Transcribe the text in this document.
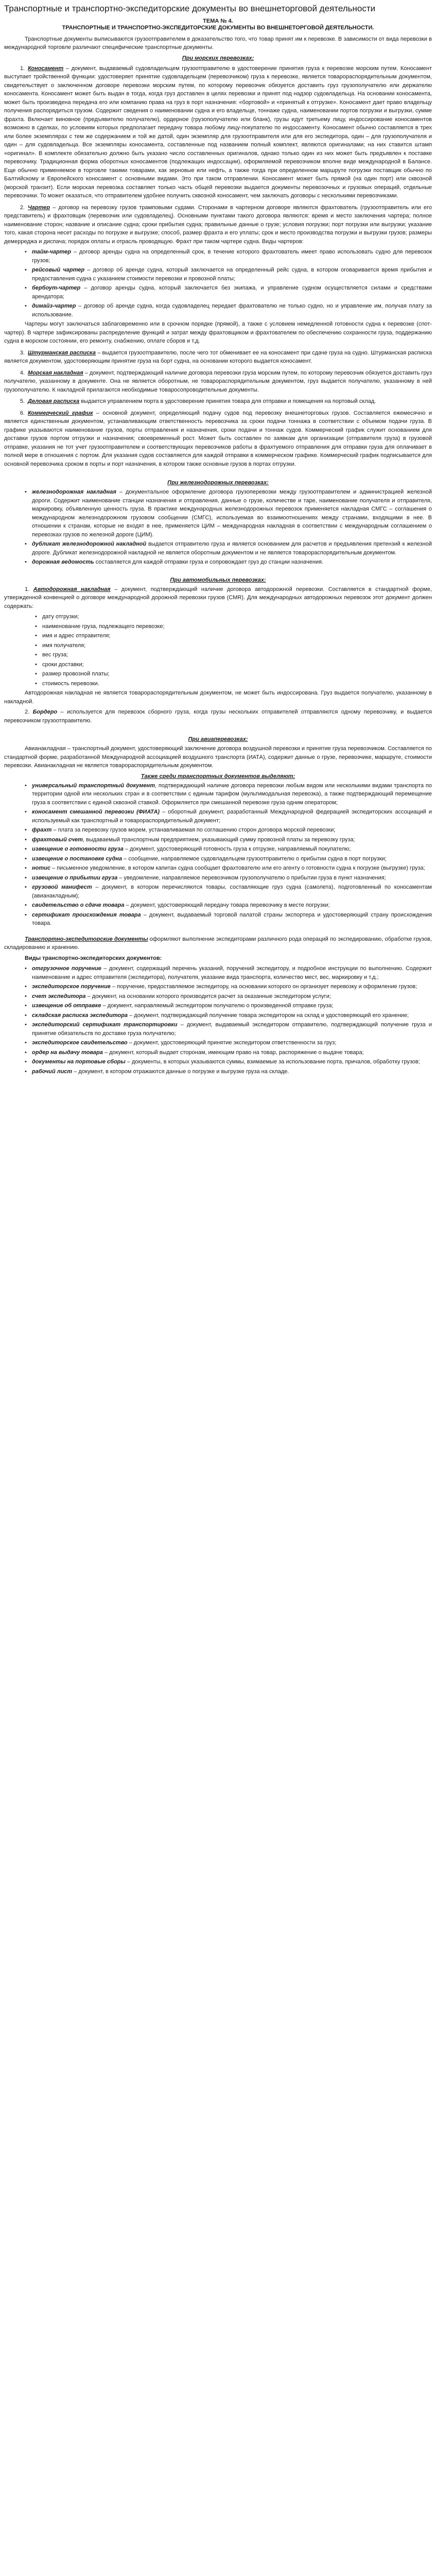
Транспортные и транспортно-экспедиторские документы во внешнеторговой деятельности
ТЕМА № 4.
ТРАНСПОРТНЫЕ И ТРАНСПОРТНО-ЭКСПЕДИТОРСКИЕ ДОКУМЕНТЫ ВО ВНЕШНЕТОРГОВОЙ ДЕЯТЕЛЬНОСТИ.

Транспортные документы выписываются грузоотправителем в доказательство того, что товар принят им к перевозке. В зависимости от вида перевозки в международной торговле различают специфические транспортные документы.

При морских перевозках:

1. Коносамент – документ, выдаваемый судовладельцем грузоотправителю в удостоверение принятия груза к перевозке морским путем. Коносамент выступает тройственной функции: удостоверяет принятие судовладельцем (перевозчиком) груза к перевозке, является товарораспорядительным документом, свидетельствует о заключенном договоре перевозки морским путем, по которому перевозчик обязуется доставить груз грузополучателю или держателю коносамента. Коносамент может быть выдан в тогда, когда груз доставлен в целях перевозки и принят под надзор судовладельца. На основании коносамента, может быть произведена передача его или компанию права на груз в порт назначения: «бортовой» и «принятый к отгрузке». Коносамент дает право владельцу получения распорядиться грузом. Содержит сведения о наименовании судна и его владельце, тоннаже судна, наименовании портов погрузки и выгрузки, сумме фрахта. Включает виновное (предъявителю получателю), ордерное (грузополучателю или бланк), грузы идут третьему лицу, индоссирование коносаментов возможно в сделках, по условиям которых предполагает передачу товара любому лицу-покупателю по индоссаменту. Коносамент обычно составляется в трех или более экземплярах с тем же содержанием и той же датой, один экземпляр для грузоотправителя или для его экспедитора, один – для грузополучателя и один – для судовладельца. Все экземпляры коносамента, составленные под названием полный комплект, являются оригиналами; на них ставится штамп «оригинал». В комплекте обязательно должно быть указано число составленных оригиналов, однако только один из них может быть предъявлен к поставке перевозчику. Традиционная форма оборотных коносаментов (подлежащих индоссации), оформляемой перевозчиком вполне виде международной в Балансе. Еще обычно применяемое в торговле такими товарами, как зерновые или нефть, а также тогда при определенном маршруте погрузки поставщик обычно по Балтийскому и Европейского коносамент с основными видами. Это при таком отправлении. Коносамент может быть прямой (на один порт) или сквозной (морской транзит). Если морская перевозка составляет только часть общей перевозки выдается документы перевозочных и грузовых операций, отдельные перевозчики. То может оказаться, что отправителем удобнее получить сквозной коносамент, чем заключать договоры с несколькими перевозчиками.

2. Чартер – договор на перевозку грузов трамповыми судами. Сторонами в чартерном договоре являются фрахтователь (грузоотправитель или его представитель) и фрахтовщик (перевозчик или судовладелец). Основными пунктами такого договора являются: время и место заключения чартера; полное наименование сторон; название и описание судна; сроки прибытия судна; правильные данные о грузе; условия погрузки; порт погрузки или выгрузки; указание того, какая сторона несет расходы по погрузке и выгрузке; способ, размер фрахта и его уплаты; срок и место производства погрузки и выгрузки грузов; размеры демерреджа и диспача; порядок оплаты и отрасль проводящую. Фрахт при таком чартере судна. Виды чартеров:

• тайм-чартер – договор аренды судна на определенный срок, в течение которого фрахтователь имеет право использовать судно для перевозок грузов;
• рейсовый чартер – договор об аренде судна, который заключается на определенный рейс судна, в котором оговаривается время прибытия и предоставления судна с указанием стоимости перевозки и провозной платы;
• бербоут-чартер – договор аренды судна, который заключается без экипажа, и управление судном осуществляется силами и средствами арендатора;
• димайз-чартер – договор об аренде судна, когда судовладелец передает фрахтователю не только судно, но и управление им, получая плату за использование.

Чартеры могут заключаться заблаговременно или в срочном порядке (прямой), а также с условием немедленной готовности судна к перевозке (спот-чартер). В чартере зафиксированы распределение функций и затрат между фрахтовщиком и фрахтователем по обеспечению сохранности груза, поддержанию судна в морском состоянии, его ремонту, снабжению, оплате сборов и т.д.

3. Штурманская расписка – выдается грузоотправителю, после чего тот обменивает ее на коносамент при сдаче груза на судно. Штурманская расписка является документом, удостоверяющим принятие груза на борт судна, на основании которого выдается коносамент.

4. Морская накладная – документ, подтверждающий наличие договора перевозки груза морским путем, по которому перевозчик обязуется доставить груз получателю, указанному в документе. Она не является оборотным, не товарораспорядительным документом, груз выдается получателю, указанному в ней грузополучателю. К накладной прилагаются необходимые товаросопроводительные документы.

5. Деловая расписка выдается управлением порта в удостоверение принятия товара для отправки и помещения на портовый склад.

6. Коммерческий график – основной документ, определяющий подачу судов под перевозку внешнеторговых грузов. Составляется ежемесячно и является единственным документом, устанавливающим ответственность перевозчика за сроки подачи тоннажа в соответствии с объемом подачи груза. В графике указываются наименование грузов, порты отправления и назначения, сроки подачи и тоннаж судов. Коммерческий график служит основанием для доставки грузов портом отгрузки и назначения; своевременный рост. Может быть составлен по заявкам для организации (отправителя груза) в грузовой отправке, указания не тот учет грузоотправителем и соответствующих перевозчиков работы в фрахтуемого отправления для отправки груза для оплачивает в полной мере в отношения с портом. Для указания судов составляется для каждой отправки в коммерческом графике. Коммерческий график подписывается для основной перевозчика сроком в порты и порт назначения, в котором также основные грузов в портах отгрузки.

При железнодорожных перевозках:
• железнодорожная накладная – документальное оформление договора грузоперевозки между грузоотправителем и администрацией железной дороги. Содержит наименование станции назначения и отправления, данные о грузе, количестве и таре, наименование получателя и отправителя, маркировку, объявленную ценность груза. В практике международных железнодорожных перевозок применяется накладная СМГС – соглашения о международном железнодорожном грузовом сообщении (СМГС), используемая во взаимоотношениях между странами, входящими в нее. В отношении к странам, которые не входят в нее, применяется ЦИМ – международная накладная в соответствии с международным соглашением о перевозках грузов по железной дороге (ЦИМ).
• дубликат железнодорожной накладной выдается отправителю груза и является основанием для расчетов и предъявления претензий к железной дороге. Дубликат железнодорожной накладной не является оборотным документом и не является товарораспорядительным документом.
• дорожная ведомость составляется для каждой отправки груза и сопровождает груз до станции назначения.
При автомобильных перевозках:

1. Автодорожная накладная – документ, подтверждающий наличие договора автодорожной перевозки. Составляется в стандартной форме, утвержденной конвенцией о договоре международной дорожной перевозки грузов (CMR). Для международных автодорожных перевозок этот документ должен содержать:

• дату отгрузки;
• наименование груза, подлежащего перевозке;
• имя и адрес отправителя;
• имя получателя;
• вес груза;
• сроки доставки;
• размер провозной платы;
• стоимость перевозки.

Автодорожная накладная не является товарораспорядительным документом, не может быть индоссирована. Груз выдается получателю, указанному в накладной.

2. Бордеро – используется для перевозок сборного груза, когда грузы нескольких отправителей отправляются одному перевозчику, и выдается перевозчиком грузоотправителю.

При авиаперевозках:

Авианакладная – транспортный документ, удостоверяющий заключение договора воздушной перевозки и принятие груза перевозчиком. Составляется по стандартной форме, разработанной Международной ассоциацией воздушного транспорта (ИАТА), содержит данные о грузе, перевозчике, маршруте, стоимости перевозки. Авианакладная не является товарораспорядительным документом.

Также среди транспортных документов выделяют:
• универсальный транспортный документ, подтверждающий наличие договора перевозки любым видом или несколькими видами транспорта по территории одной или нескольких стран и в соответствии с единым тарифом (мультимодальная перевозка), а также подтверждающий перемещение груза в соответствии с единой сквозной ставкой. Оформляется при смешанной перевозке груза одним оператором;
• коносамент смешанной перевозки (ФИАТА) – оборотный документ, разработанный Международной федерацией экспедиторских ассоциаций и используемый как транспортный и товарораспорядительный документ;
• фрахт – плата за перевозку грузов морем, устанавливаемая по соглашению сторон договора морской перевозки;
• фрахтовый счет, выдаваемый транспортным предприятием, указывающий сумму провозной платы за перевозку груза;
• извещение о готовности груза – документ, удостоверяющий готовность груза к отгрузке, направляемый покупателю;
• извещение о постановке судна – сообщение, направляемое судовладельцем грузоотправителю о прибытии судна в порт погрузки;
• нотис – письменное уведомление, в котором капитан судна сообщает фрахтователю или его агенту о готовности судна к погрузке (выгрузке) груза;
• извещение о прибытии груза – уведомление, направляемое перевозчиком грузополучателю о прибытии груза в пункт назначения;
• грузовой манифест – документ, в котором перечисляются товары, составляющие груз судна (самолета), подготовленный по коносаментам (авианакладным);
• свидетельство о сдаче товара – документ, удостоверяющий передачу товара перевозчику в месте погрузки;
• сертификат происхождения товара – документ, выдаваемый торговой палатой страны экспортера и удостоверяющий страну происхождения товара.

Транспортно-экспедиторские документы оформляют выполнение экспедиторами различного рода операций по экспедированию, обработке грузов, складированию и хранению.

Виды транспортно-экспедиторских документов:

• отгрузочное поручение – документ, содержащий перечень указаний, поручений экспедитору, и подробное инструкции по выполнению. Содержит наименование и адрес отправителя (экспедитора), получателя, указание вида транспорта, количество мест, вес, маркировку и т.д.;
• экспедиторское поручение – поручение, предоставляемое экспедитору, на основании которого он организует перевозку и оформление грузов;
• счет экспедитора – документ, на основании которого производится расчет за оказанные экспедитором услуги;
• извещение об отправке – документ, направляемый экспедитором получателю о произведенной отправке груза;
• складская расписка экспедитора – документ, подтверждающий получение товара экспедитором на склад и удостоверяющий его хранение;
• экспедиторский сертификат транспортировки – документ, выдаваемый экспедитором отправителю, подтверждающий получение груза и принятие обязательств по доставке груза получателю;
• экспедиторское свидетельство – документ, удостоверяющий принятие экспедитором ответственности за груз;
• ордер на выдачу товара – документ, который выдает сторонам, имеющим право на товар, распоряжение о выдаче товара;
• документы на портовые сборы – документы, в которых указываются суммы, взимаемые за использование порта, причалов, обработку грузов;
• рабочий лист – документ, в котором отражаются данные о погрузке и выгрузке груза на складе.
